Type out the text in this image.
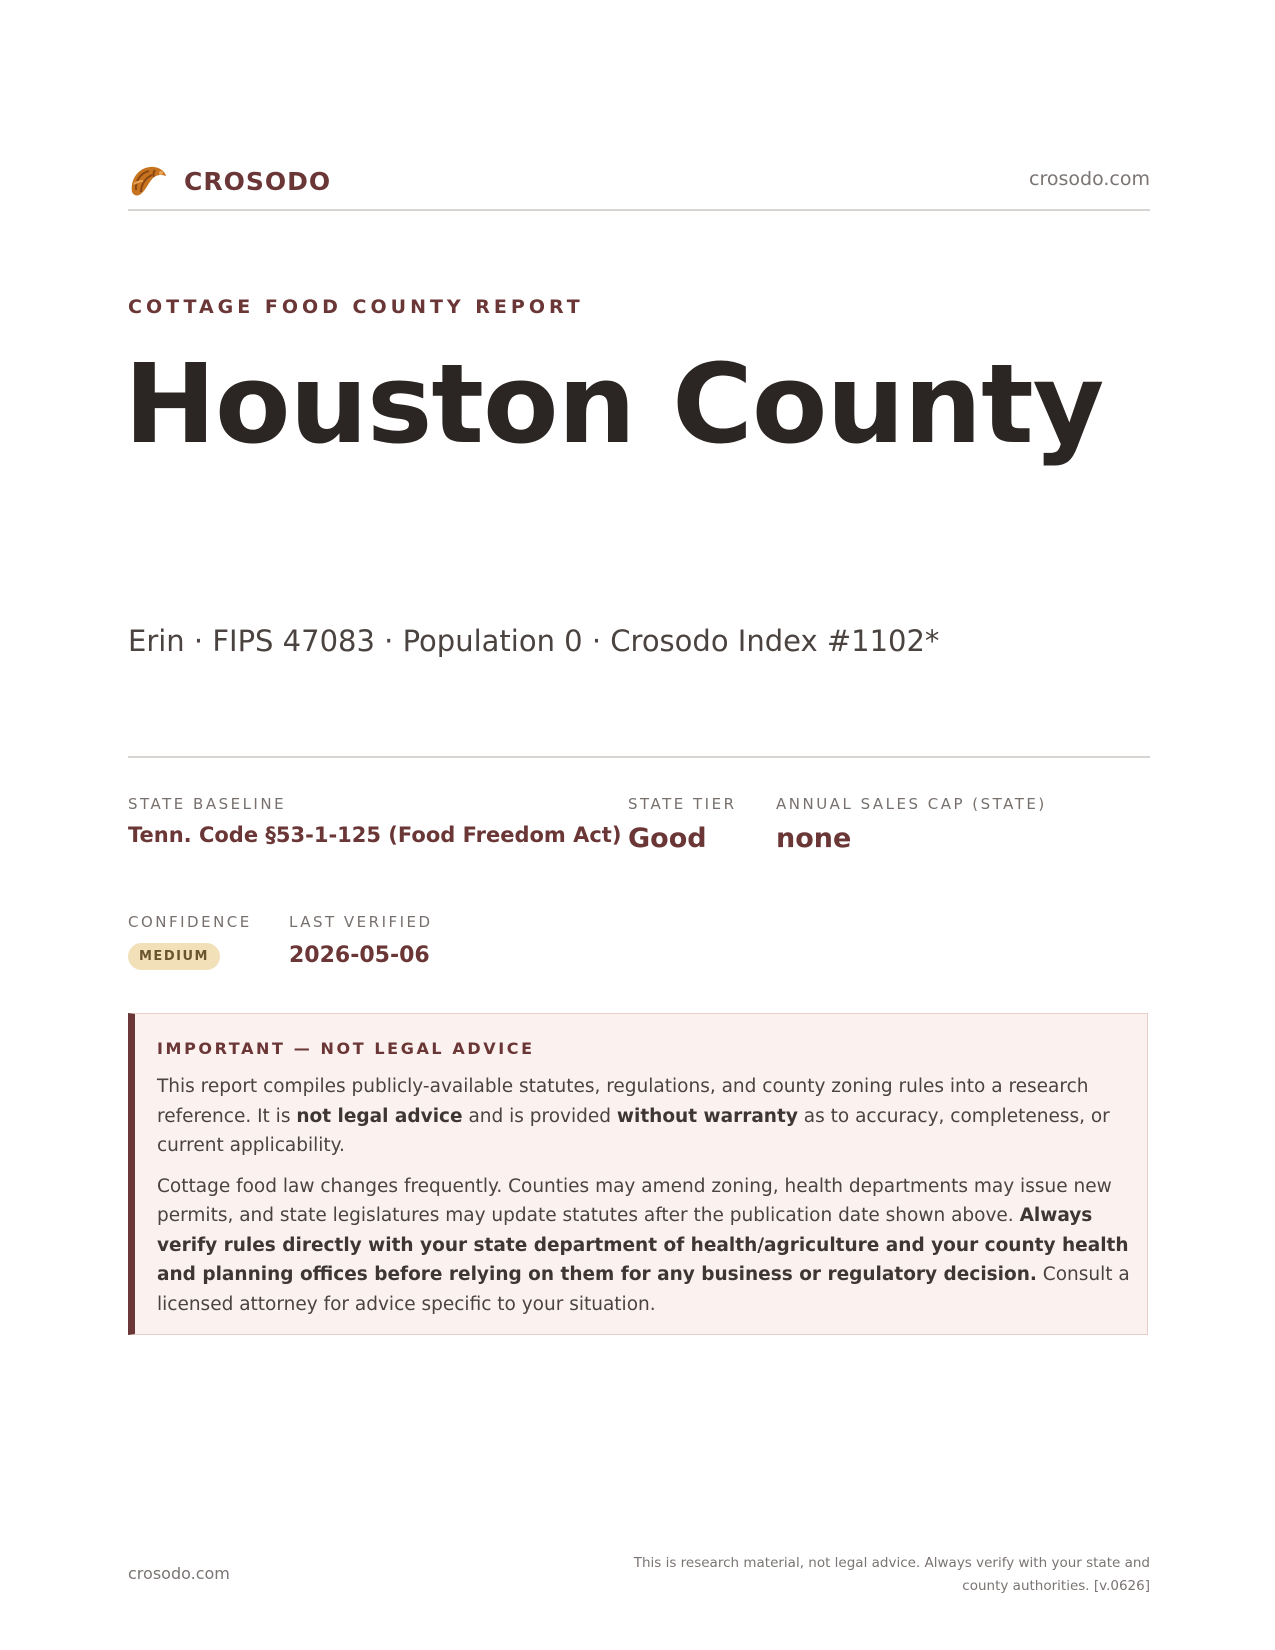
CROSODO	crosodo.com
COTTAGE FOOD COUNTY REPORT
Houston County
Erin · FIPS 47083 · Population 0 · Crosodo Index #1102*
STATE BASELINE
Tenn. Code §53-1-125 (Food Freedom Act)
STATE TIER
Good
ANNUAL SALES CAP (STATE)
none
CONFIDENCE
MEDIUM
LAST VERIFIED
2026-05-06
IMPORTANT — NOT LEGAL ADVICE

This report compiles publicly-available statutes, regulations, and county zoning rules into a research reference. It is not legal advice and is provided without warranty as to accuracy, completeness, or current applicability.

Cottage food law changes frequently. Counties may amend zoning, health departments may issue new permits, and state legislatures may update statutes after the publication date shown above. Always verify rules directly with your state department of health/agriculture and your county health and planning offices before relying on them for any business or regulatory decision. Consult a licensed attorney for advice specific to your situation.

crosodo.com
This is research material, not legal advice. Always verify with your state and county authorities. [v.0626]
